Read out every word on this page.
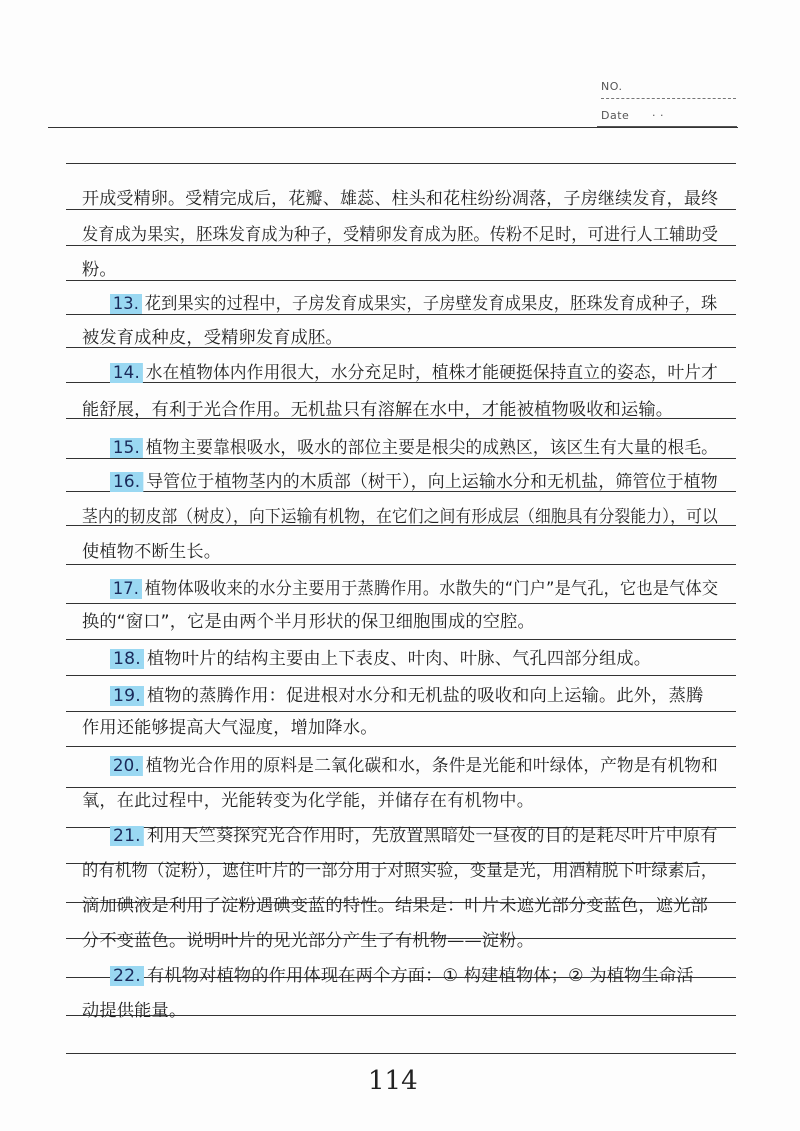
NO.
Date · ·
开成受精卵。受精完成后，花瓣、雄蕊、柱头和花柱纷纷凋落，子房继续发育，最终
发育成为果实，胚珠发育成为种子，受精卵发育成为胚。传粉不足时，可进行人工辅助受
粉。
13. 花到果实的过程中，子房发育成果实，子房壁发育成果皮，胚珠发育成种子，珠
被发育成种皮，受精卵发育成胚。
14. 水在植物体内作用很大，水分充足时，植株才能硬挺保持直立的姿态，叶片才
能舒展，有利于光合作用。无机盐只有溶解在水中，才能被植物吸收和运输。
15. 植物主要靠根吸水，吸水的部位主要是根尖的成熟区，该区生有大量的根毛。
16. 导管位于植物茎内的木质部（树干），向上运输水分和无机盐，筛管位于植物
茎内的韧皮部（树皮），向下运输有机物，在它们之间有形成层（细胞具有分裂能力），可以
使植物不断生长。
17. 植物体吸收来的水分主要用于蒸腾作用。水散失的“门户”是气孔，它也是气体交
换的“窗口”，它是由两个半月形状的保卫细胞围成的空腔。
18. 植物叶片的结构主要由上下表皮、叶肉、叶脉、气孔四部分组成。
19. 植物的蒸腾作用：促进根对水分和无机盐的吸收和向上运输。此外，蒸腾
作用还能够提高大气湿度，增加降水。
20. 植物光合作用的原料是二氧化碳和水，条件是光能和叶绿体，产物是有机物和
氧，在此过程中，光能转变为化学能，并储存在有机物中。
21. 利用天竺葵探究光合作用时，先放置黑暗处一昼夜的目的是耗尽叶片中原有
的有机物（淀粉），遮住叶片的一部分用于对照实验，变量是光，用酒精脱下叶绿素后，
滴加碘液是利用了淀粉遇碘变蓝的特性。结果是：叶片未遮光部分变蓝色，遮光部
分不变蓝色。说明叶片的见光部分产生了有机物——淀粉。
22. 有机物对植物的作用体现在两个方面：① 构建植物体；② 为植物生命活
动提供能量。
114
